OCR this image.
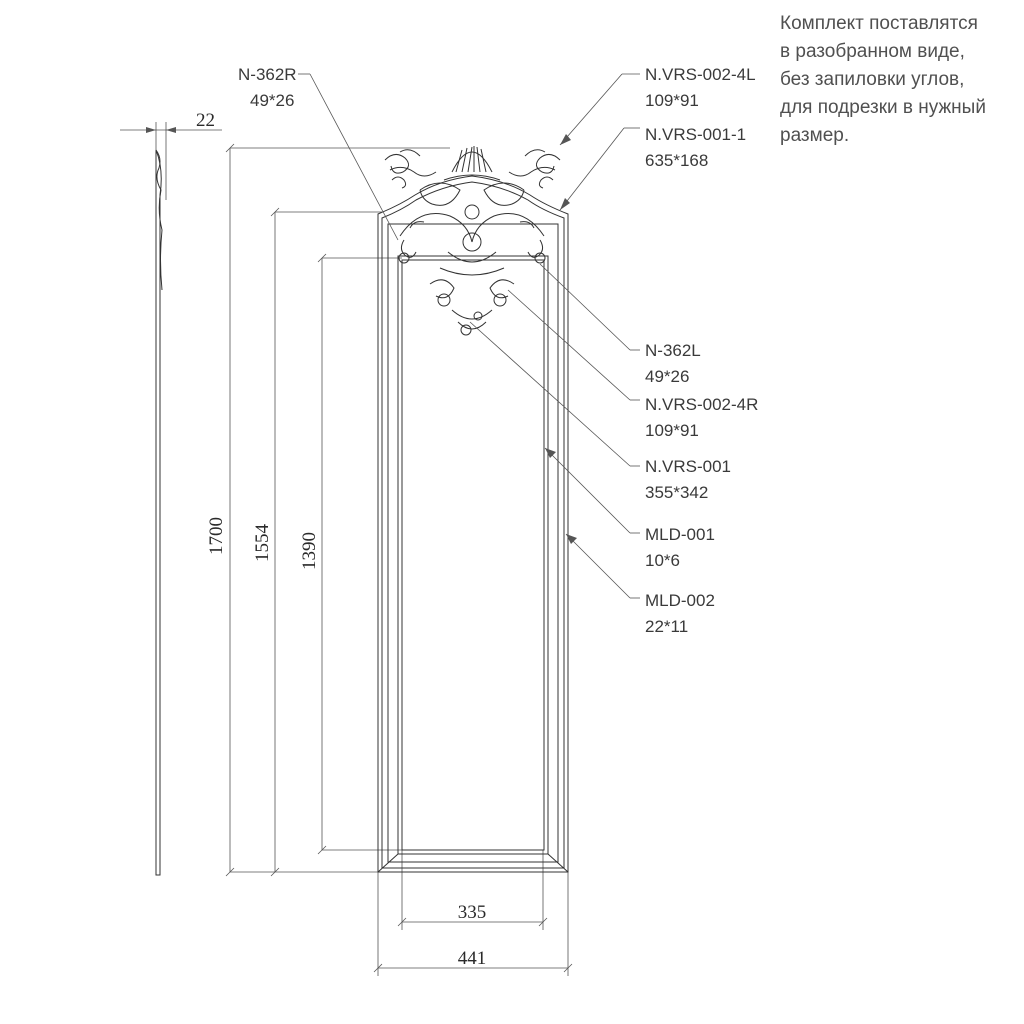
Комплект поставлятся
в разобранном виде,
без запиловки углов,
для подрезки в нужный
размер.
22
1700 1554 1390
335
441
N-362R
49*26
N.VRS-002-4L
109*91
N.VRS-001-1
635*168
N-362L
49*26
N.VRS-002-4R
109*91
N.VRS-001
355*342
MLD-001
10*6
MLD-002
22*11
